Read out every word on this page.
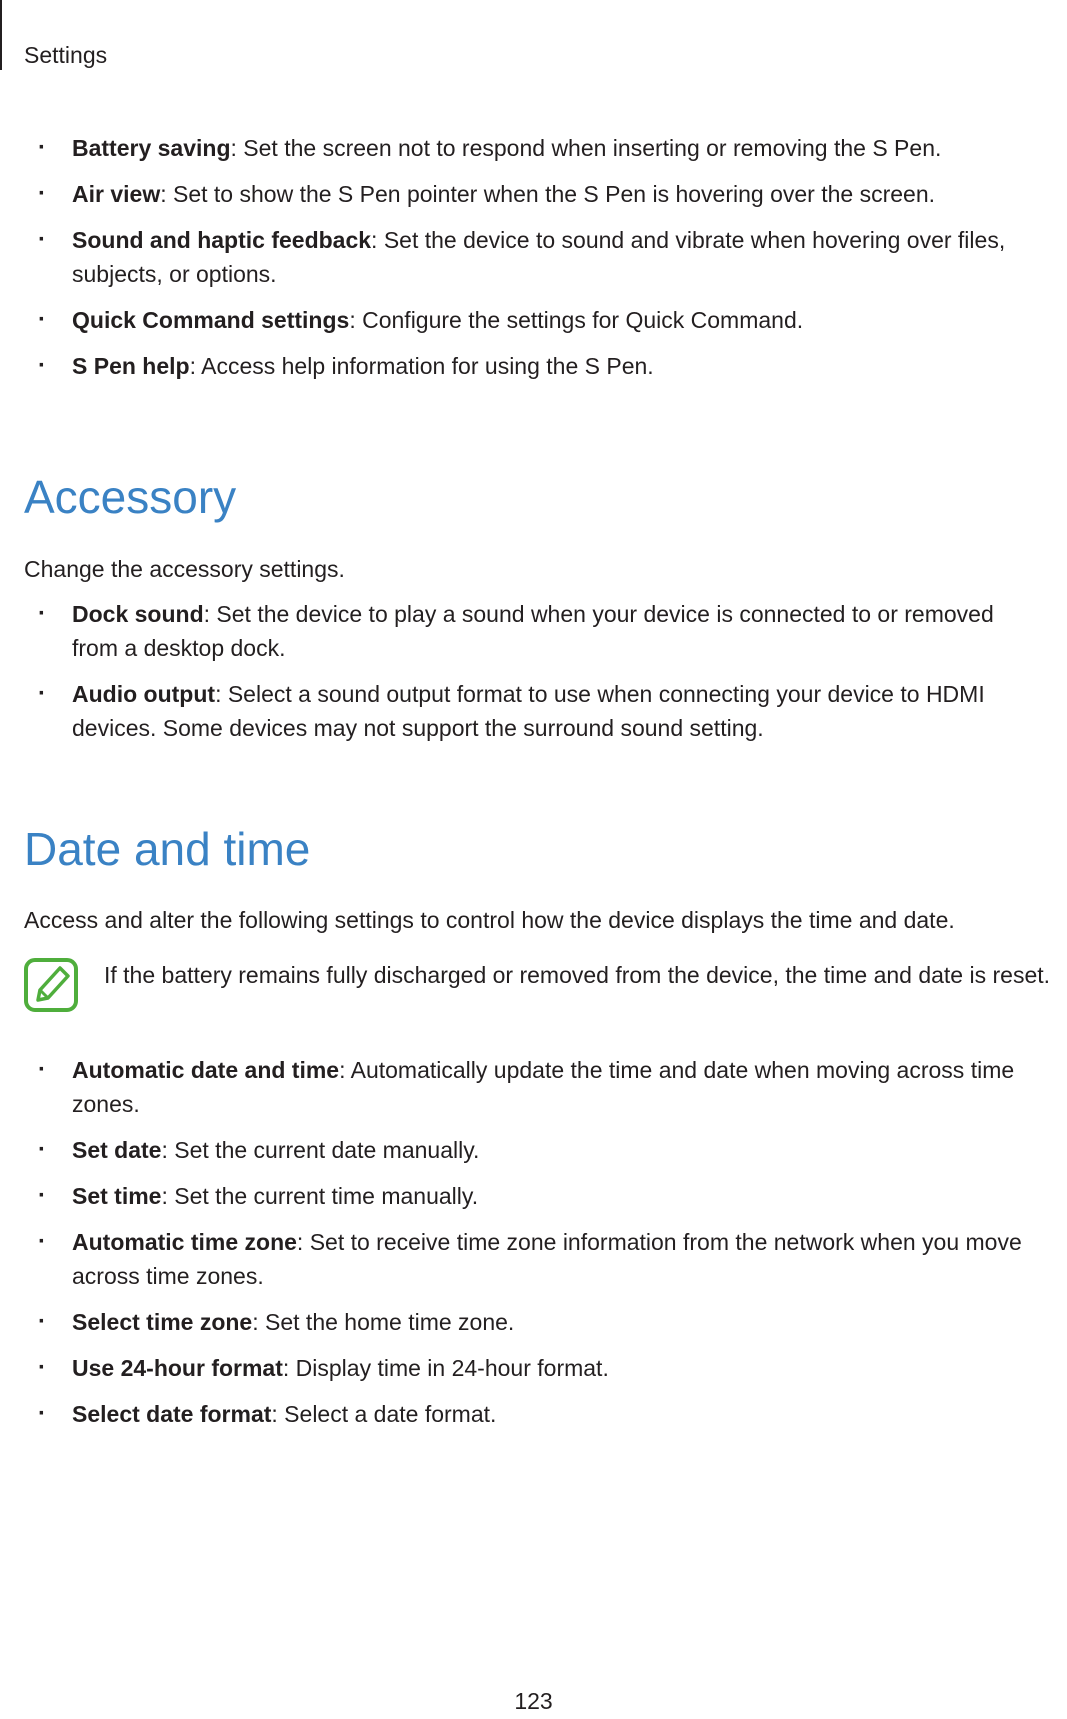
Settings
· Battery saving: Set the screen not to respond when inserting or removing the S Pen.
· Air view: Set to show the S Pen pointer when the S Pen is hovering over the screen.
· Sound and haptic feedback: Set the device to sound and vibrate when hovering over files, subjects, or options.
· Quick Command settings: Configure the settings for Quick Command.
· S Pen help: Access help information for using the S Pen.
Accessory

Change the accessory settings.

· Dock sound: Set the device to play a sound when your device is connected to or removed from a desktop dock.
· Audio output: Select a sound output format to use when connecting your device to HDMI devices. Some devices may not support the surround sound setting.
Date and time

Access and alter the following settings to control how the device displays the time and date.

If the battery remains fully discharged or removed from the device, the time and date is reset.
· Automatic date and time: Automatically update the time and date when moving across time zones.
· Set date: Set the current date manually.
· Set time: Set the current time manually.
· Automatic time zone: Set to receive time zone information from the network when you move across time zones.
· Select time zone: Set the home time zone.
· Use 24-hour format: Display time in 24-hour format.
· Select date format: Select a date format.
123
